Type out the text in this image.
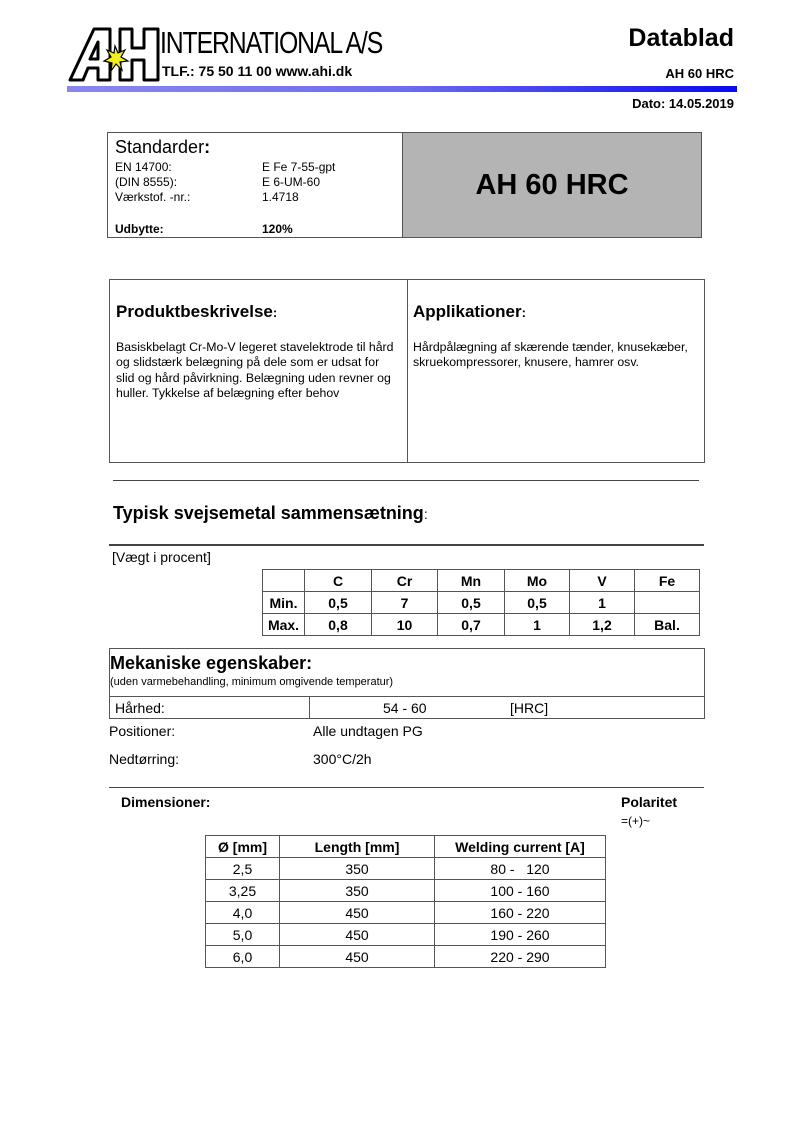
INTERNATIONAL A/S
TLF.: 75 50 11 00 www.ahi.dk
Datablad
AH 60 HRC
Dato: 14.05.2019
Standarder:
EN 14700:	E Fe 7-55-gpt
(DIN 8555):	E 6-UM-60
Værkstof. -nr.:	1.4718
Udbytte:	120%
AH 60 HRC
Produktbeskrivelse:
Basiskbelagt Cr-Mo-V legeret stavelektrode til hård og slidstærk belægning på dele som er udsat for slid og hård påvirkning. Belægning uden revner og huller. Tykkelse af belægning efter behov
Applikationer:
Hårdpålægning af skærende tænder, knusekæber, skruekompressorer, knusere, hamrer osv.
Typisk svejsemetal sammensætning:
[Vægt i procent]
	C	Cr	Mn	Mo	V	Fe
Min.	0,5	7	0,5	0,5	1	
Max.	0,8	10	0,7	1	1,2	Bal.
Mekaniske egenskaber:
(uden varmebehandling, minimum omgivende temperatur)
Hårhed:	54 - 60	[HRC]
Positioner:	Alle undtagen PG
Nedtørring:	300°C/2h
Dimensioner:	Polaritet
=(+)~
Ø [mm]	Length [mm]	Welding current [A]
2,5	350	80 -   120
3,25	350	100 - 160
4,0	450	160 - 220
5,0	450	190 - 260
6,0	450	220 - 290
